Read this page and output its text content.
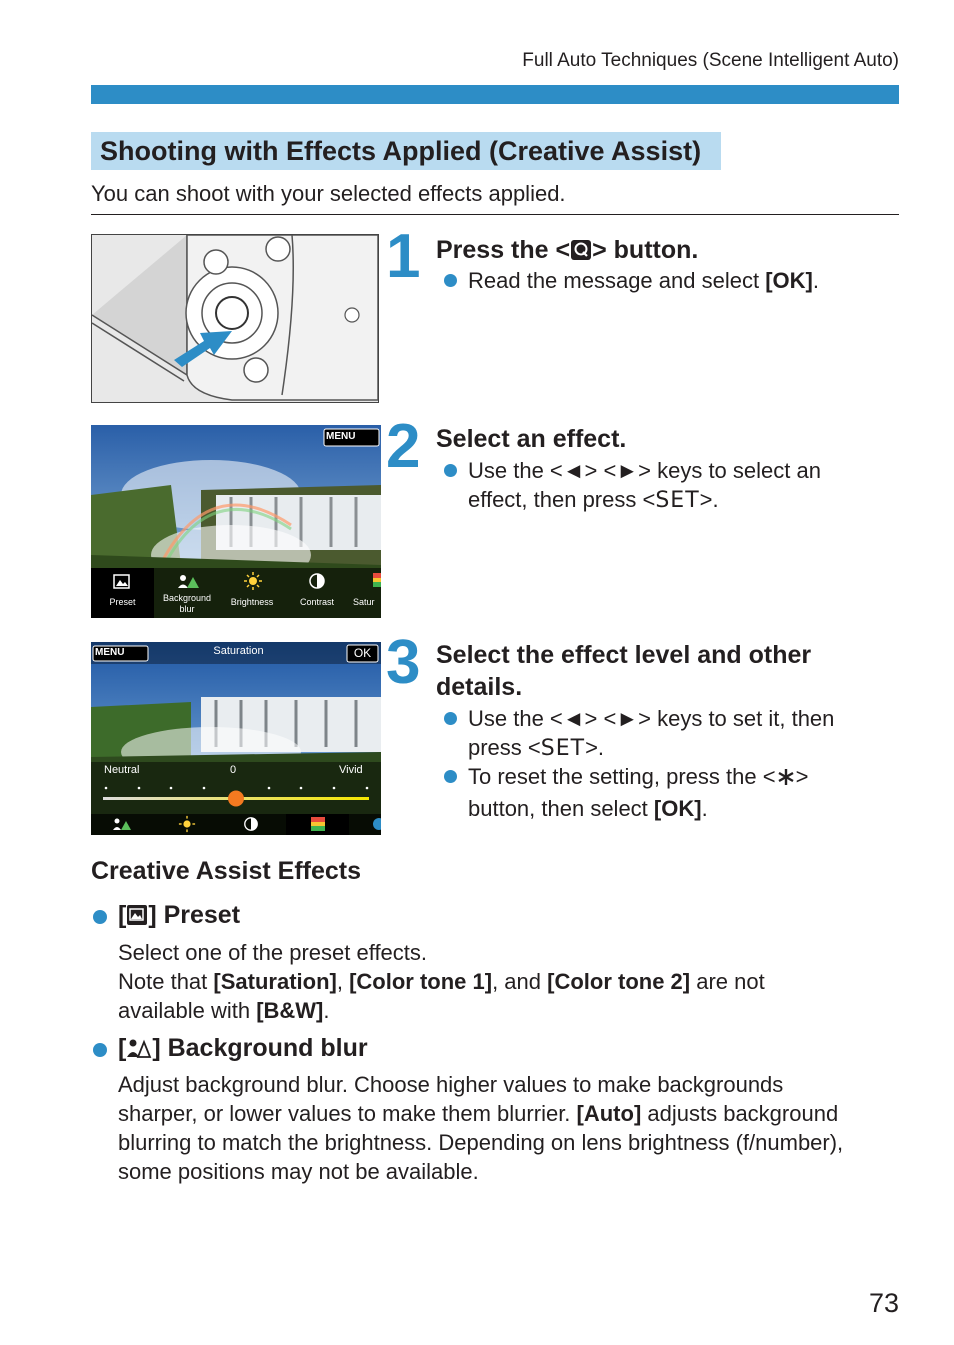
Full Auto Techniques (Scene Intelligent Auto)
Shooting with Effects Applied (Creative Assist)
You can shoot with your selected effects applied.
1 Press the < > button.
Read the message and select [OK].
MENU
Preset	Background blur
Brightness	Contrast	Satur
2 Select an effect.
Use the <◄> <►> keys to select an
effect, then press <SET>.
MENU	Saturation	OK
Neutral	0	Vivid
3 Select the effect level and other details.
Use the <◄> <►> keys to set it, then
press <SET>.
To reset the setting, press the < >
button, then select [OK].
Creative Assist Effects
[ ] Preset
Select one of the preset effects.
Note that [Saturation], [Color tone 1], and [Color tone 2] are not
available with [B&W].
[ ] Background blur
Adjust background blur. Choose higher values to make backgrounds
sharper, or lower values to make them blurrier. [Auto] adjusts background
blurring to match the brightness. Depending on lens brightness (f/number),
some positions may not be available.
73
